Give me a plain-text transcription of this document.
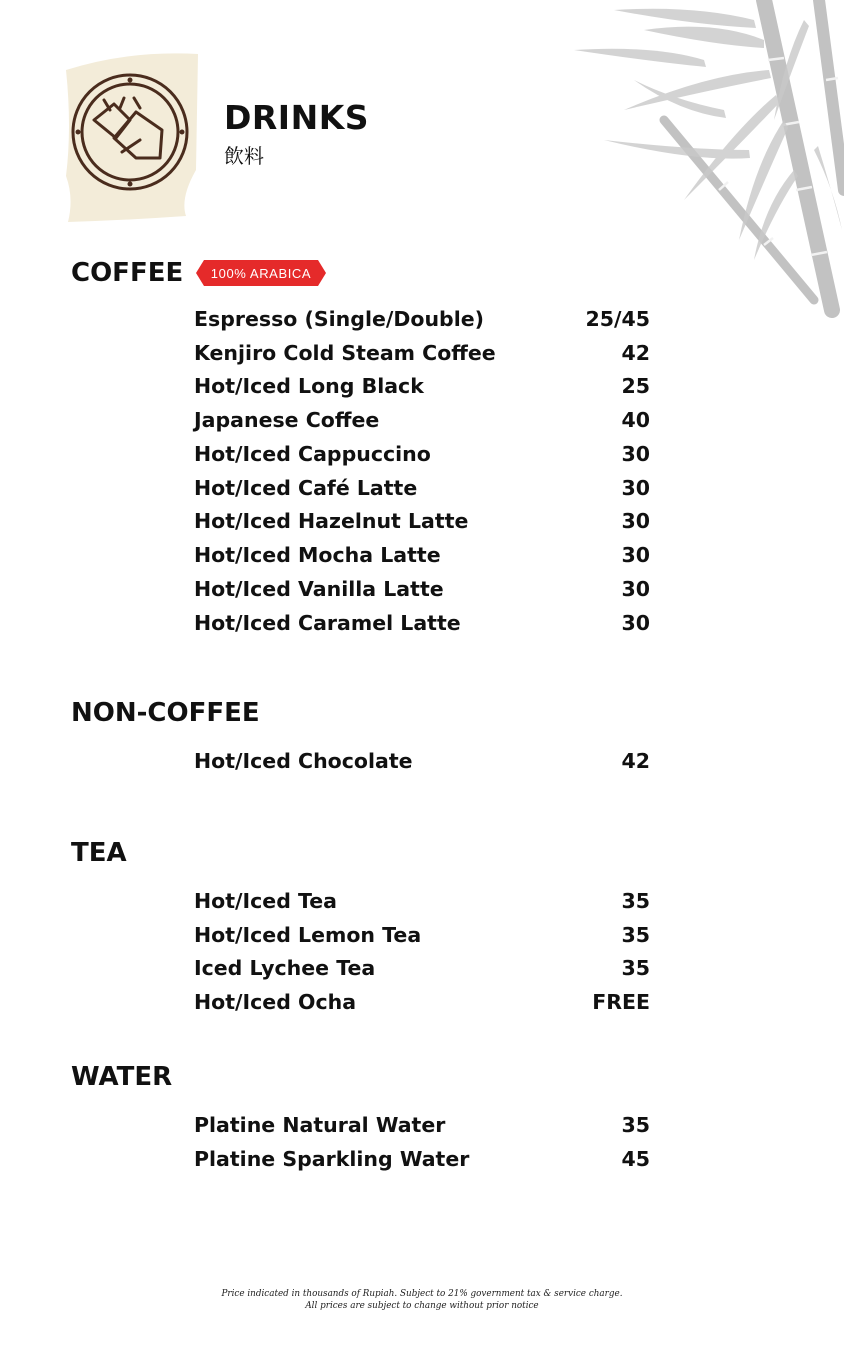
DRINKS
飲料
COFFEE 100% ARABICA
Espresso (Single/Double)	25/45
Kenjiro Cold Steam Coffee	42
Hot/Iced Long Black	25
Japanese Coffee	40
Hot/Iced Cappuccino	30
Hot/Iced Café Latte	30
Hot/Iced Hazelnut Latte	30
Hot/Iced Mocha Latte	30
Hot/Iced Vanilla Latte	30
Hot/Iced Caramel Latte	30
NON-COFFEE
Hot/Iced Chocolate	42
TEA
Hot/Iced Tea	35
Hot/Iced Lemon Tea	35
Iced Lychee Tea	35
Hot/Iced Ocha	FREE
WATER
Platine Natural Water	35
Platine Sparkling Water	45
Price indicated in thousands of Rupiah. Subject to 21% government tax & service charge.
All prices are subject to change without prior notice
